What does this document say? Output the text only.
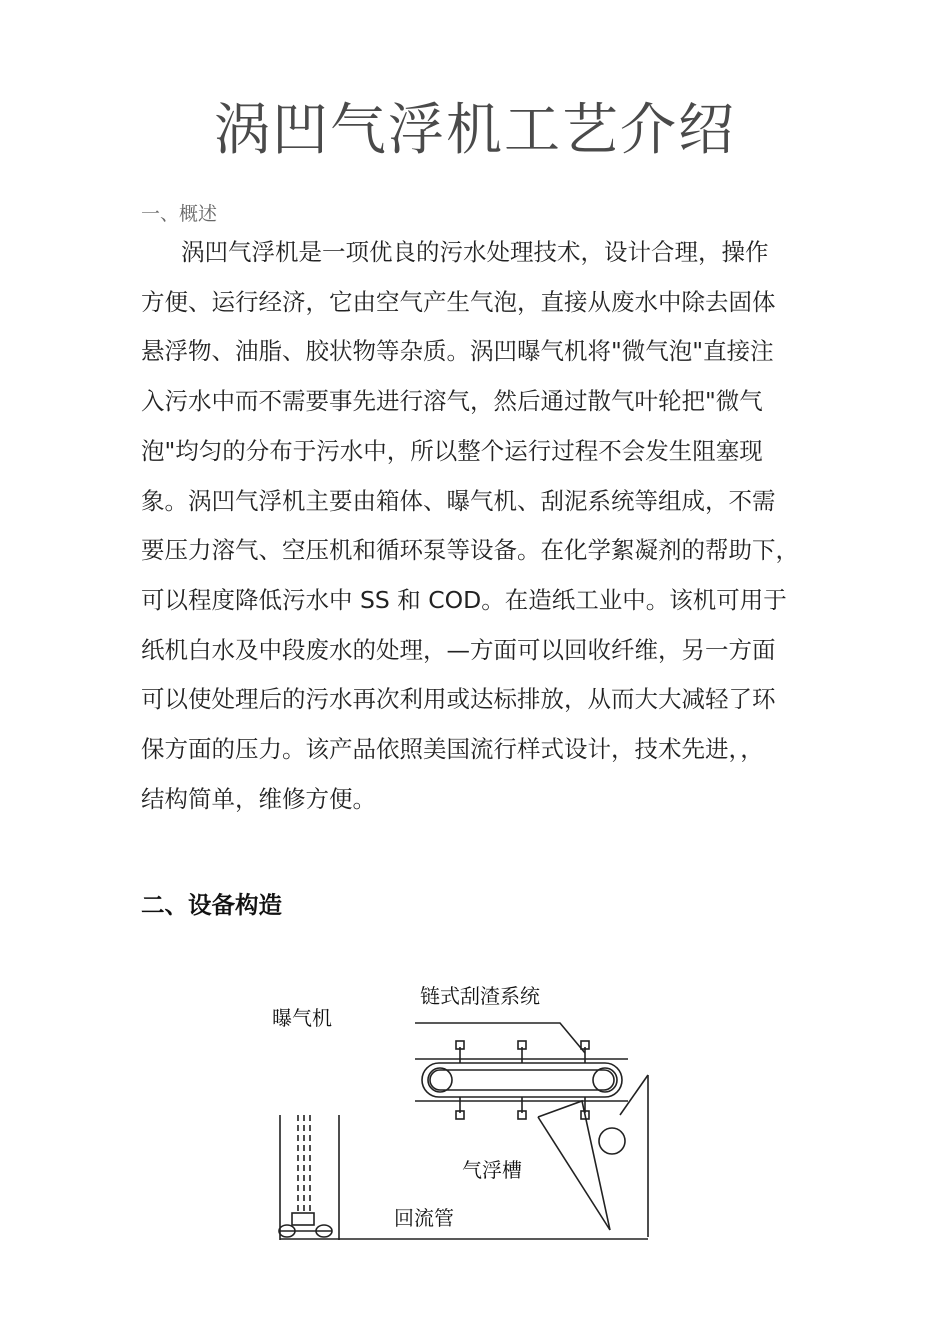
涡凹气浮机工艺介绍
一、概述
涡凹气浮机是一项优良的污水处理技术，设计合理，操作
方便、运行经济，它由空气产生气泡，直接从废水中除去固体
悬浮物、油脂、胶状物等杂质。涡凹曝气机将"微气泡"直接注
入污水中而不需要事先进行溶气，然后通过散气叶轮把"微气
泡"均匀的分布于污水中，所以整个运行过程不会发生阻塞现
象。涡凹气浮机主要由箱体、曝气机、刮泥系统等组成，不需
要压力溶气、空压机和循环泵等设备。在化学絮凝剂的帮助下，
可以程度降低污水中 SS 和 COD。在造纸工业中。该机可用于
纸机白水及中段废水的处理，—方面可以回收纤维，另一方面
可以使处理后的污水再次利用或达标排放，从而大大减轻了环
保方面的压力。该产品依照美国流行样式设计，技术先进，，
结构简单，维修方便。
二、设备构造
链式刮渣系统
曝气机
气浮槽
回流管
